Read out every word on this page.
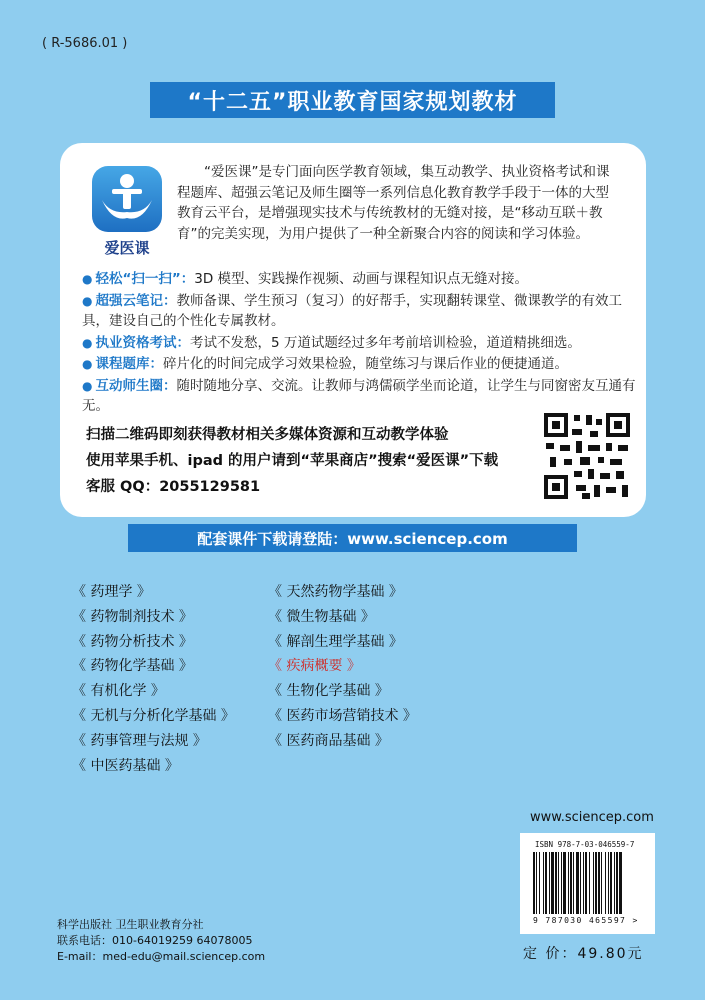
( R-5686.01 )
“十二五”职业教育国家规划教材
爱医课
“爱医课”是专门面向医学教育领域，集互动教学、执业资格考试和课程题库、超强云笔记及师生圈等一系列信息化教育教学手段于一体的大型教育云平台，是增强现实技术与传统教材的无缝对接，是“移动互联＋教育”的完美实现，为用户提供了一种全新聚合内容的阅读和学习体验。
● 轻松“扫一扫”：3D 模型、实践操作视频、动画与课程知识点无缝对接。
● 超强云笔记：教师备课、学生预习（复习）的好帮手，实现翻转课堂、微课教学的有效工具，建设自己的个性化专属教材。
● 执业资格考试：考试不发愁，5 万道试题经过多年考前培训检验，道道精挑细选。
● 课程题库：碎片化的时间完成学习效果检验，随堂练习与课后作业的便捷通道。
● 互动师生圈：随时随地分享、交流。让教师与鸿儒硕学坐而论道，让学生与同窗密友互通有无。
扫描二维码即刻获得教材相关多媒体资源和互动教学体验
使用苹果手机、ipad 的用户请到“苹果商店”搜索“爱医课”下载
客服 QQ：2055129581
配套课件下载请登陆：www.sciencep.com
《 药理学 》
《 药物制剂技术 》
《 药物分析技术 》
《 药物化学基础 》
《 有机化学 》
《 无机与分析化学基础 》
《 药事管理与法规 》
《 中医药基础 》
《 天然药物学基础 》
《 微生物基础 》
《 解剖生理学基础 》
《 疾病概要 》
《 生物化学基础 》
《 医药市场营销技术 》
《 医药商品基础 》
www.sciencep.com
ISBN 978-7-03-046559-7
9 787030 465597 >
科学出版社 卫生职业教育分社
联系电话：010-64019259 64078005
E-mail：med-edu@mail.sciencep.com	定 价：49.80元
